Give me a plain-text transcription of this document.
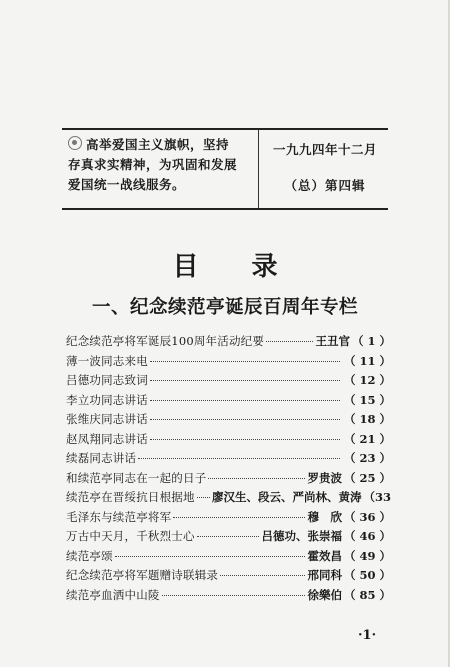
高举爱国主义旗帜，坚持
存真求实精神，为巩固和发展
爱国统一战线服务。
一九九四年十二月
（总）第四辑
目 录
一、纪念续范亭诞辰百周年专栏
纪念续范亭将军诞辰100周年活动纪要	王丑官 （ 1 ）
薄一波同志来电	（ 11 ）
吕德功同志致词	（ 12 ）
李立功同志讲话	（ 15 ）
张维庆同志讲话	（ 18 ）
赵凤翔同志讲话	（ 21 ）
续磊同志讲话	（ 23 ）
和续范亭同志在一起的日子	罗贵波 （ 25 ）
续范亭在晋绥抗日根据地 廖汉生、段云、严尚林、黄涛 （33
毛泽东与续范亭将军	穆　欣 （ 36 ）
万古中天月，千秋烈士心	吕德功、张崇福 （ 46 ）
续范亭颂	霍效昌 （ 49 ）
纪念续范亭将军题赠诗联辑录	邢同科 （ 50 ）
续范亭血洒中山陵	徐樂伯 （ 85 ）
·1·
